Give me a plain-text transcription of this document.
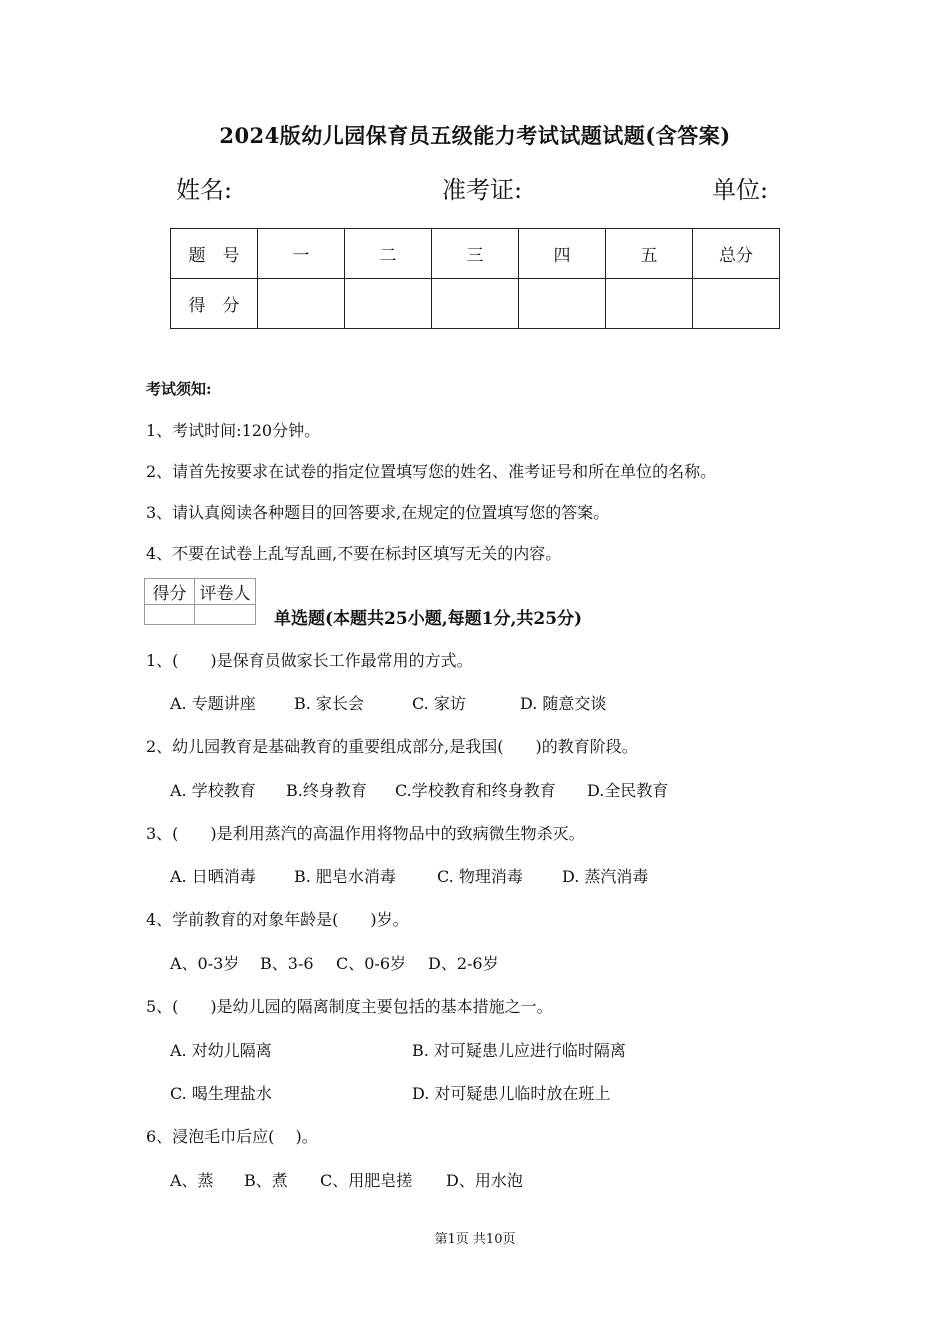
2024版幼儿园保育员五级能力考试试题试题(含答案)
姓名:	准考证:	单位:
题　号	一	二	三	四	五	总分
得　分						
考试须知:
1、考试时间:120分钟。
2、请首先按要求在试卷的指定位置填写您的姓名、准考证号和所在单位的名称。
3、请认真阅读各种题目的回答要求,在规定的位置填写您的答案。
4、不要在试卷上乱写乱画,不要在标封区填写无关的内容。
得分	评卷人

单选题(本题共25小题,每题1分,共25分)
1、(　　)是保育员做家长工作最常用的方式。
A. 专题讲座 B. 家长会	C. 家访	D. 随意交谈
2、幼儿园教育是基础教育的重要组成部分,是我国(　　)的教育阶段。
A. 学校教育 B.终身教育 C.学校教育和终身教育 D.全民教育
3、(　　)是利用蒸汽的高温作用将物品中的致病微生物杀灭。
A. 日晒消毒 B. 肥皂水消毒	C. 物理消毒 D. 蒸汽消毒
4、学前教育的对象年龄是(　　)岁。
A、0-3岁 B、3-6 C、0-6岁 D、2-6岁
5、(　　)是幼儿园的隔离制度主要包括的基本措施之一。
A. 对幼儿隔离	B. 对可疑患儿应进行临时隔离
C. 喝生理盐水	D. 对可疑患儿临时放在班上
6、浸泡毛巾后应(　 )。
A、蒸 B、煮 C、用肥皂搓 D、用水泡
第1页 共10页
